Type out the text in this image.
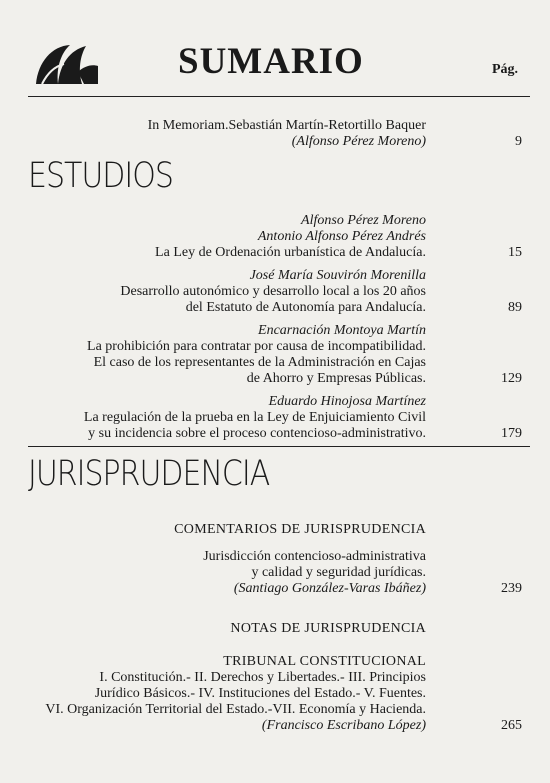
SUMARIO	Pág.
In Memoriam.Sebastián Martín-Retortillo Baquer
(Alfonso Pérez Moreno)	9
ESTUDIOS
Alfonso Pérez Moreno
Antonio Alfonso Pérez Andrés
La Ley de Ordenación urbanística de Andalucía.	15
José María Souvirón Morenilla
Desarrollo autonómico y desarrollo local a los 20 años
del Estatuto de Autonomía para Andalucía.	89
Encarnación Montoya Martín
La prohibición para contratar por causa de incompatibilidad.
El caso de los representantes de la Administración en Cajas
de Ahorro y Empresas Públicas.	129
Eduardo Hinojosa Martínez
La regulación de la prueba en la Ley de Enjuiciamiento Civil
y su incidencia sobre el proceso contencioso-administrativo.	179
JURISPRUDENCIA
COMENTARIOS DE JURISPRUDENCIA
Jurisdicción contencioso-administrativa
y calidad y seguridad jurídicas.
(Santiago González-Varas Ibáñez)	239
NOTAS DE JURISPRUDENCIA
TRIBUNAL CONSTITUCIONAL
I. Constitución.- II. Derechos y Libertades.- III. Principios
Jurídico Básicos.- IV. Instituciones del Estado.- V. Fuentes.
VI. Organización Territorial del Estado.-VII. Economía y Hacienda.
(Francisco Escribano López)	265
